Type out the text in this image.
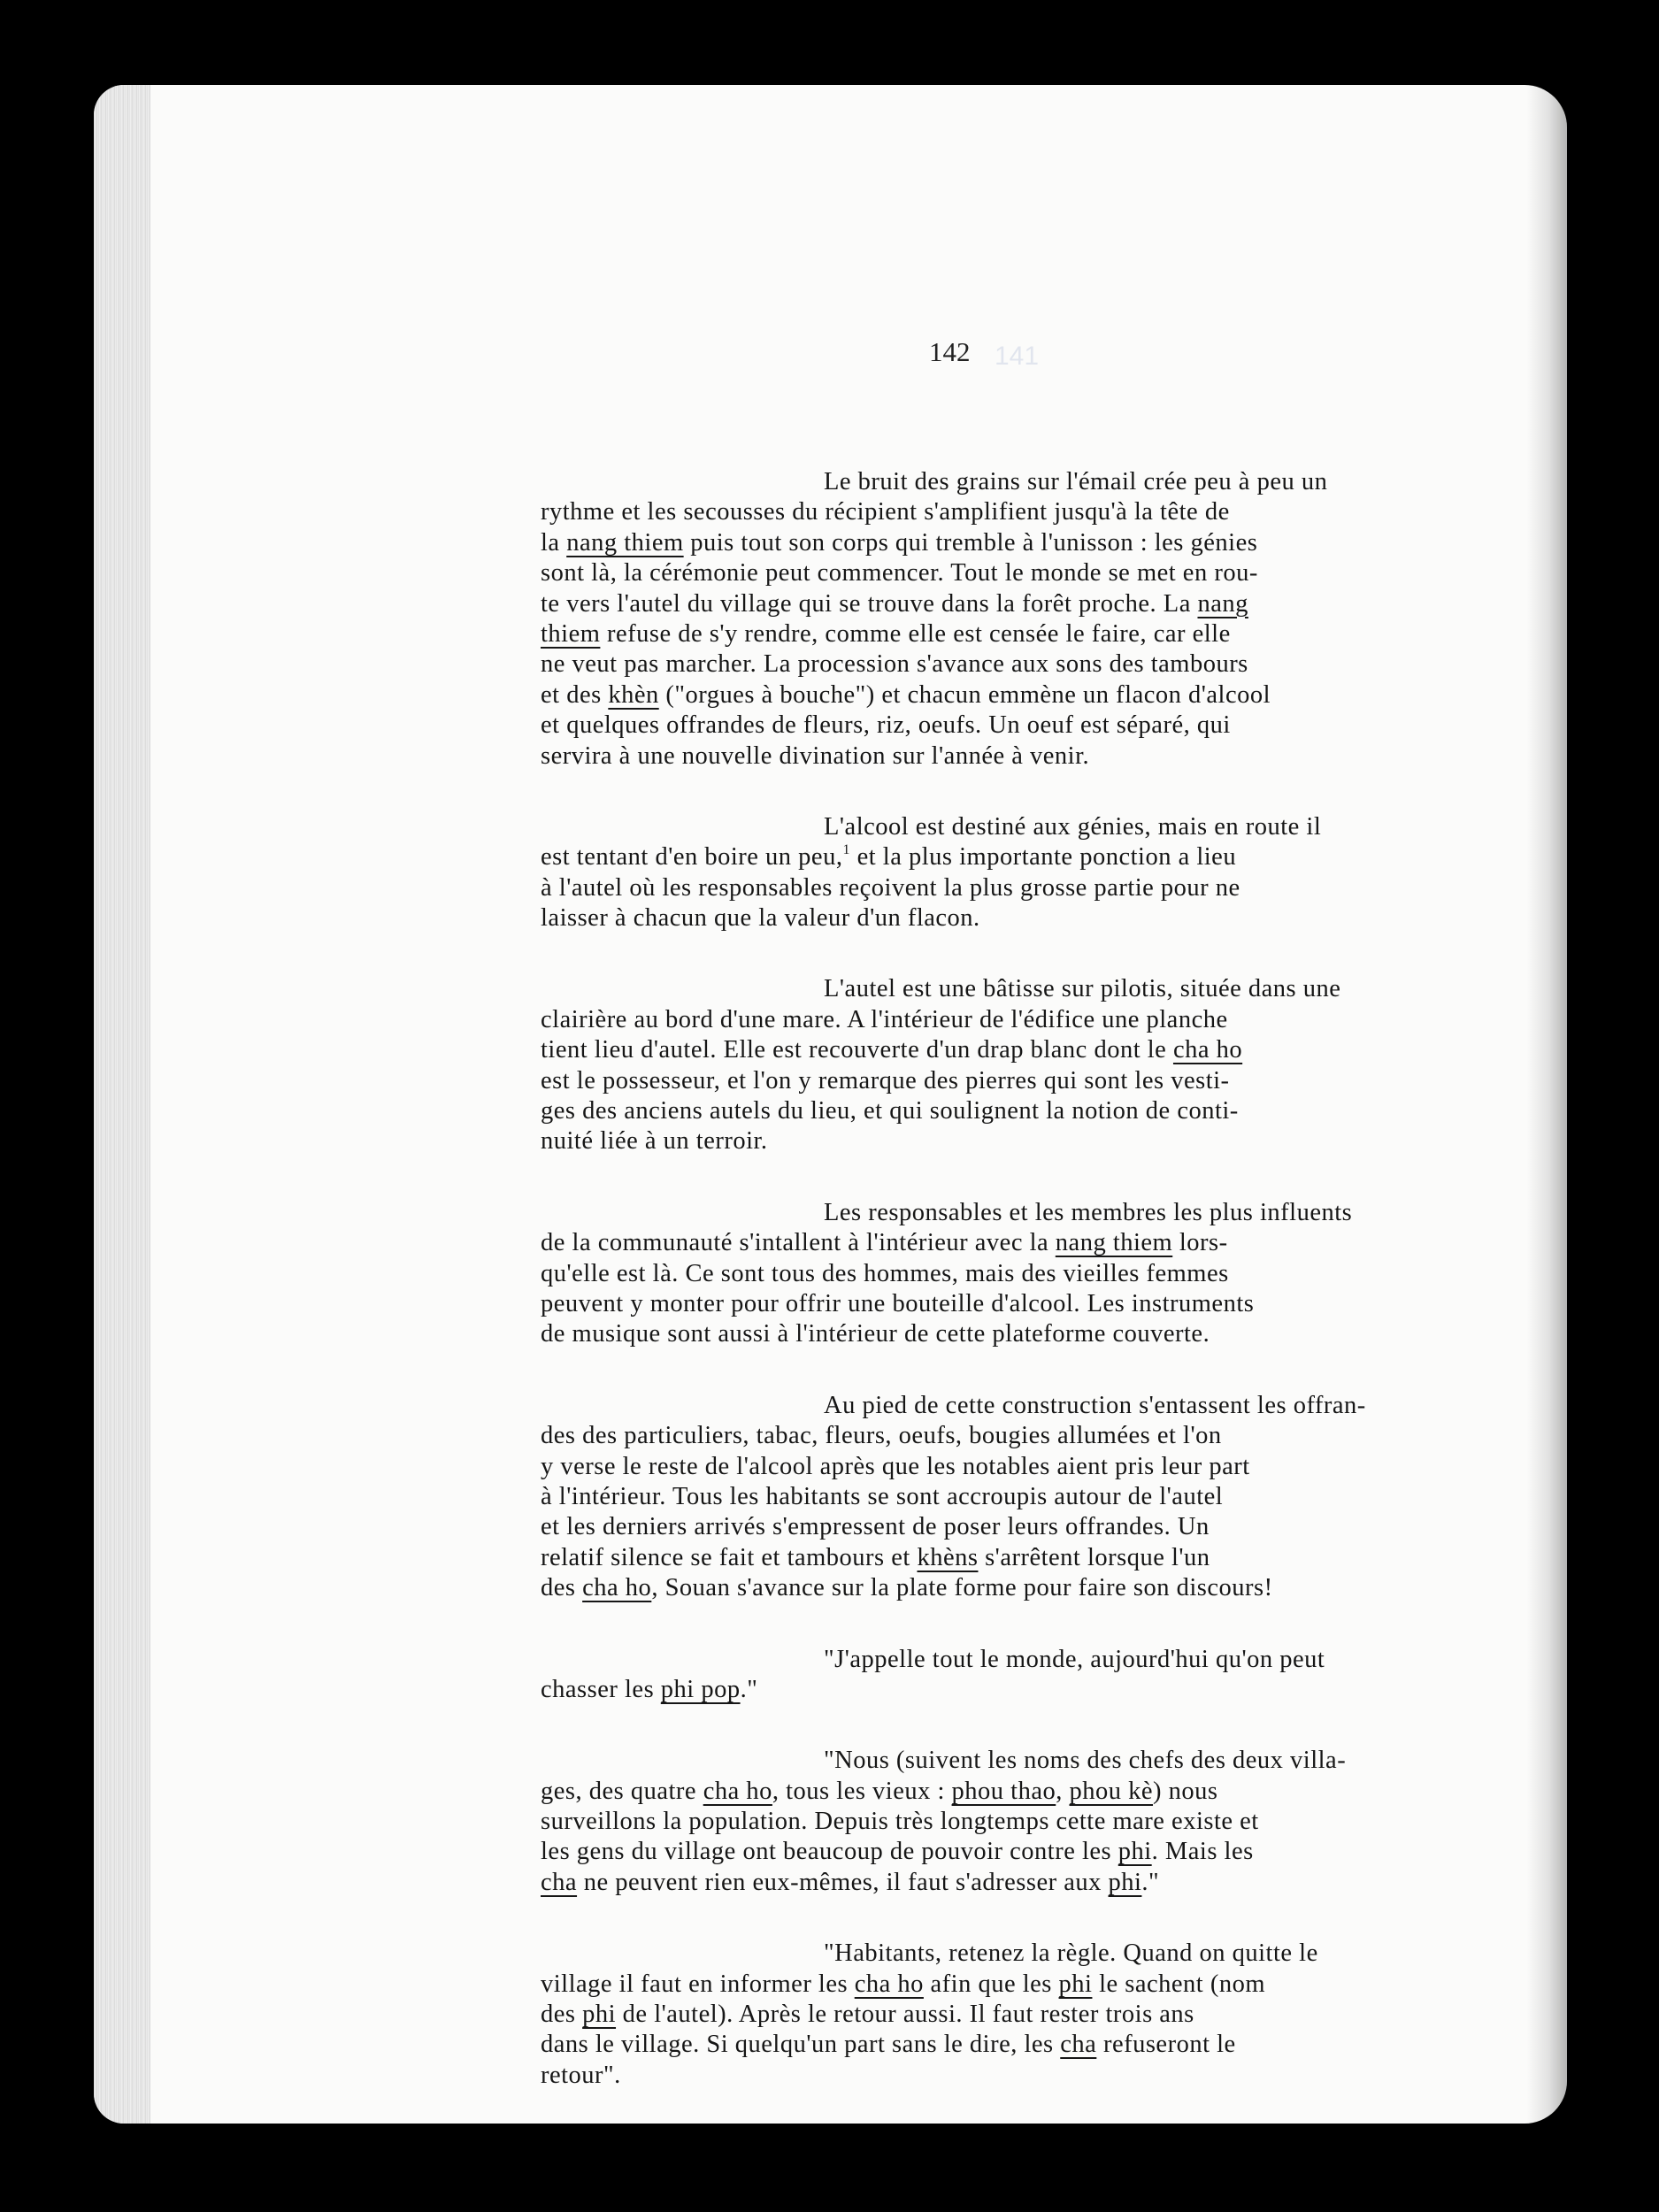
141
142
Le bruit des grains sur l'émail crée peu à peu un
rythme et les secousses du récipient s'amplifient jusqu'à la tête de
la nang thiem puis tout son corps qui tremble à l'unisson : les génies
sont là, la cérémonie peut commencer. Tout le monde se met en rou-
te vers l'autel du village qui se trouve dans la forêt proche. La nang
thiem refuse de s'y rendre, comme elle est censée le faire, car elle
ne veut pas marcher. La procession s'avance aux sons des tambours
et des khèn ("orgues à bouche") et chacun emmène un flacon d'alcool
et quelques offrandes de fleurs, riz, oeufs. Un oeuf est séparé, qui
servira à une nouvelle divination sur l'année à venir.
L'alcool est destiné aux génies, mais en route il
est tentant d'en boire un peu,$^1$ et la plus importante ponction a lieu
à l'autel où les responsables reçoivent la plus grosse partie pour ne
laisser à chacun que la valeur d'un flacon.
L'autel est une bâtisse sur pilotis, située dans une
clairière au bord d'une mare. A l'intérieur de l'édifice une planche
tient lieu d'autel. Elle est recouverte d'un drap blanc dont le cha ho
est le possesseur, et l'on y remarque des pierres qui sont les vesti-
ges des anciens autels du lieu, et qui soulignent la notion de conti-
nuité liée à un terroir.
Les responsables et les membres les plus influents
de la communauté s'intallent à l'intérieur avec la nang thiem lors-
qu'elle est là. Ce sont tous des hommes, mais des vieilles femmes
peuvent y monter pour offrir une bouteille d'alcool. Les instruments
de musique sont aussi à l'intérieur de cette plateforme couverte.
Au pied de cette construction s'entassent les offran-
des des particuliers, tabac, fleurs, oeufs, bougies allumées et l'on
y verse le reste de l'alcool après que les notables aient pris leur part
à l'intérieur. Tous les habitants se sont accroupis autour de l'autel
et les derniers arrivés s'empressent de poser leurs offrandes. Un
relatif silence se fait et tambours et khèns s'arrêtent lorsque l'un
des cha ho, Souan s'avance sur la plate forme pour faire son discours!
"J'appelle tout le monde, aujourd'hui qu'on peut
chasser les phi pop."
"Nous (suivent les noms des chefs des deux villa-
ges, des quatre cha ho, tous les vieux : phou thao, phou kè) nous
surveillons la population. Depuis très longtemps cette mare existe et
les gens du village ont beaucoup de pouvoir contre les phi. Mais les
cha ne peuvent rien eux-mêmes, il faut s'adresser aux phi."
"Habitants, retenez la règle. Quand on quitte le
village il faut en informer les cha ho afin que les phi le sachent (nom
des phi de l'autel). Après le retour aussi. Il faut rester trois ans
dans le village. Si quelqu'un part sans le dire, les cha refuseront le
retour".
